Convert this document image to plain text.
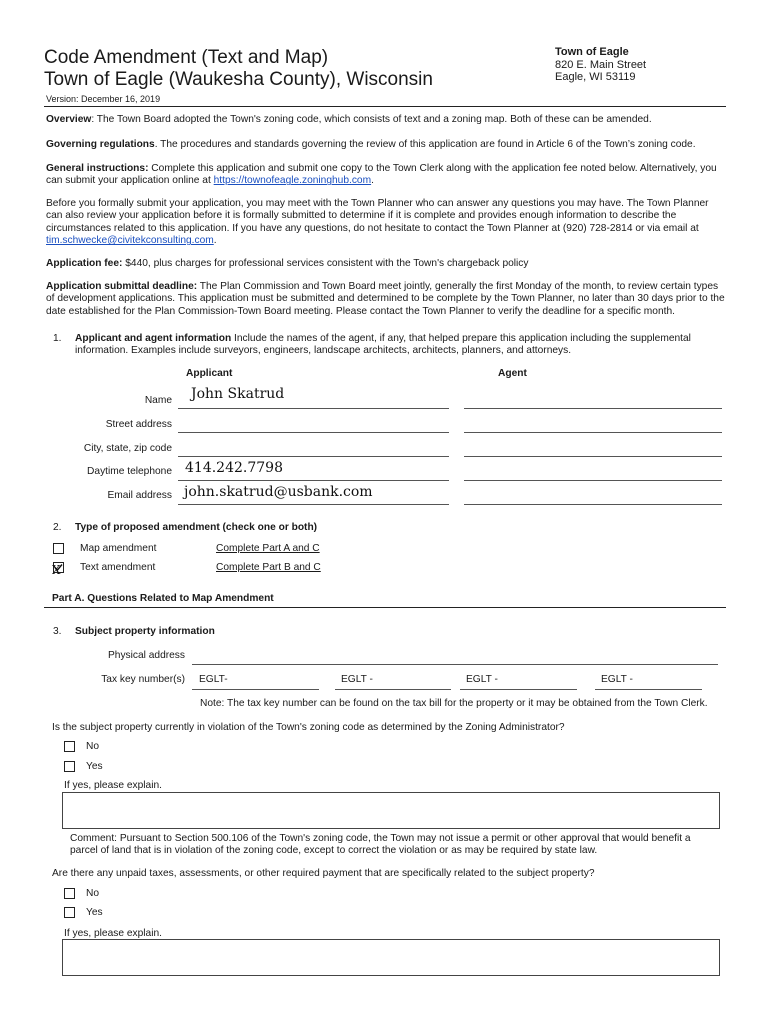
Code Amendment (Text and Map)
Town of Eagle (Waukesha County), Wisconsin
Town of Eagle
820 E. Main Street
Eagle, WI 53119
Version: December 16, 2019
Overview: The Town Board adopted the Town's zoning code, which consists of text and a zoning map. Both of these can be amended.
Governing regulations. The procedures and standards governing the review of this application are found in Article 6 of the Town’s zoning code.
General instructions: Complete this application and submit one copy to the Town Clerk along with the application fee noted below. Alternatively, you can submit your application online at https://townofeagle.zoninghub.com.
Before you formally submit your application, you may meet with the Town Planner who can answer any questions you may have. The Town Planner can also review your application before it is formally submitted to determine if it is complete and provides enough information to describe the circumstances related to this application. If you have any questions, do not hesitate to contact the Town Planner at (920) 728-2814 or via email at tim.schwecke@civitekconsulting.com.
Application fee: $440, plus charges for professional services consistent with the Town's chargeback policy
Application submittal deadline: The Plan Commission and Town Board meet jointly, generally the first Monday of the month, to review certain types of development applications. This application must be submitted and determined to be complete by the Town Planner, no later than 30 days prior to the date established for the Plan Commission-Town Board meeting. Please contact the Town Planner to verify the deadline for a specific month.
1.	Applicant and agent information Include the names of the agent, if any, that helped prepare this application including the supplemental information. Examples include surveyors, engineers, landscape architects, architects, planners, and attorneys.
Applicant	Agent
Name John Skatrud
Street address
City, state, zip code
Daytime telephone 414.242.7798
Email address john.skatrud@usbank.com
2.	Type of proposed amendment (check one or both)
Map amendment	Complete Part A and C
X Text amendment	Complete Part B and C
Part A. Questions Related to Map Amendment
3.	Subject property information
Physical address
Tax key number(s) EGLT-	EGLT -	EGLT -	EGLT -
Note: The tax key number can be found on the tax bill for the property or it may be obtained from the Town Clerk.
Is the subject property currently in violation of the Town's zoning code as determined by the Zoning Administrator?
No
Yes
If yes, please explain.
Comment: Pursuant to Section 500.106 of the Town's zoning code, the Town may not issue a permit or other approval that would benefit a parcel of land that is in violation of the zoning code, except to correct the violation or as may be required by state law.
Are there any unpaid taxes, assessments, or other required payment that are specifically related to the subject property?
No
Yes
If yes, please explain.
